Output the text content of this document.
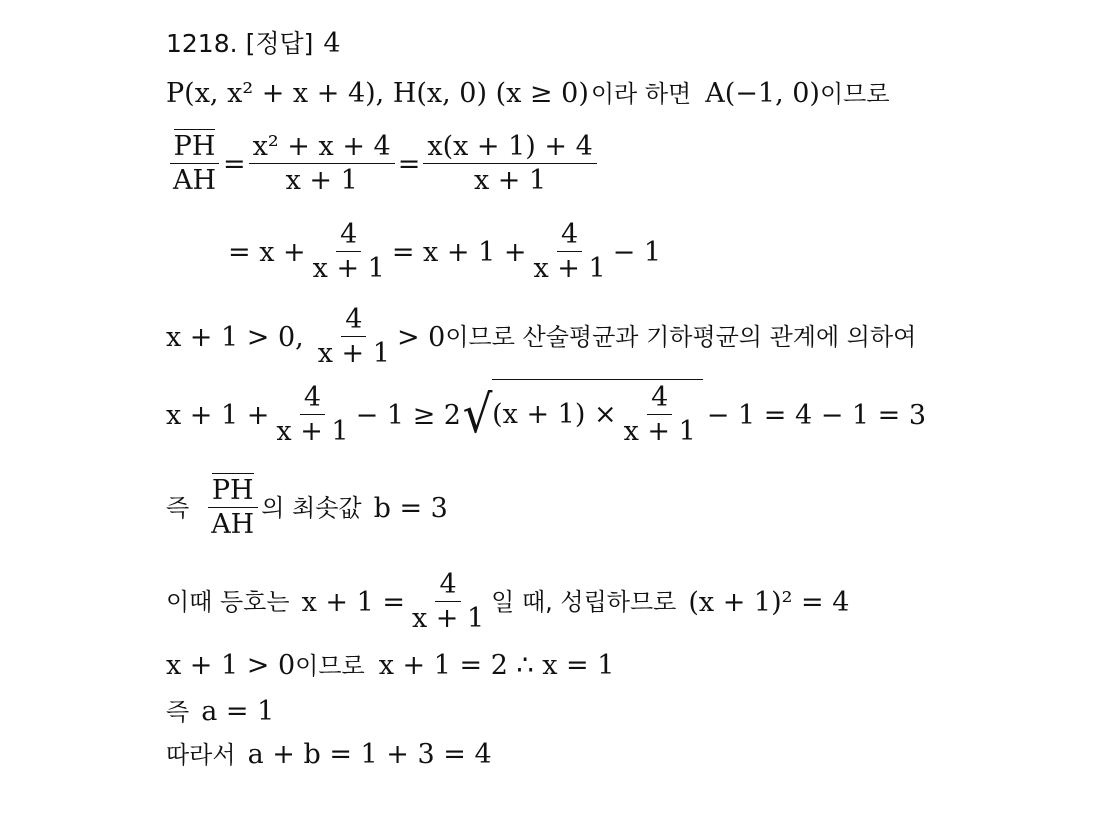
1218. [정답] 4
P(x, x² + x + 4), H(x, 0) (x ≥ 0) 이라 하면 A(−1, 0) 이므로
$\frac{PH}{AH} = \frac{\text{x² + x + 4}}{x + 1} = \frac{x(x + 1) + 4}{x + 1}$
= $x + \frac{4}{x + 1} = x + 1 + \frac{4}{x + 1} - 1$
x + 1 > 0, $\frac{4}{x + 1} > 0$ 이므로 산술평균과 기하평균의 관계에 의하여
$x + 1 + \frac{4}{x + 1} - 1 \ge 2$ √ $(x + 1) \times \frac{4}{x + 1} - 1 = 4 - 1 = 3$
즉 $\frac{PH}{AH}$ 의 최솟값 b = 3
이때 등호는 $x + 1 = \frac{4}{x + 1}$ 일 때, 성립하므로 (x + 1)² = 4
x + 1 > 0 이므로 x + 1 = 2 ∴ x = 1
즉 a = 1
따라서 a + b = 1 + 3 = 4
